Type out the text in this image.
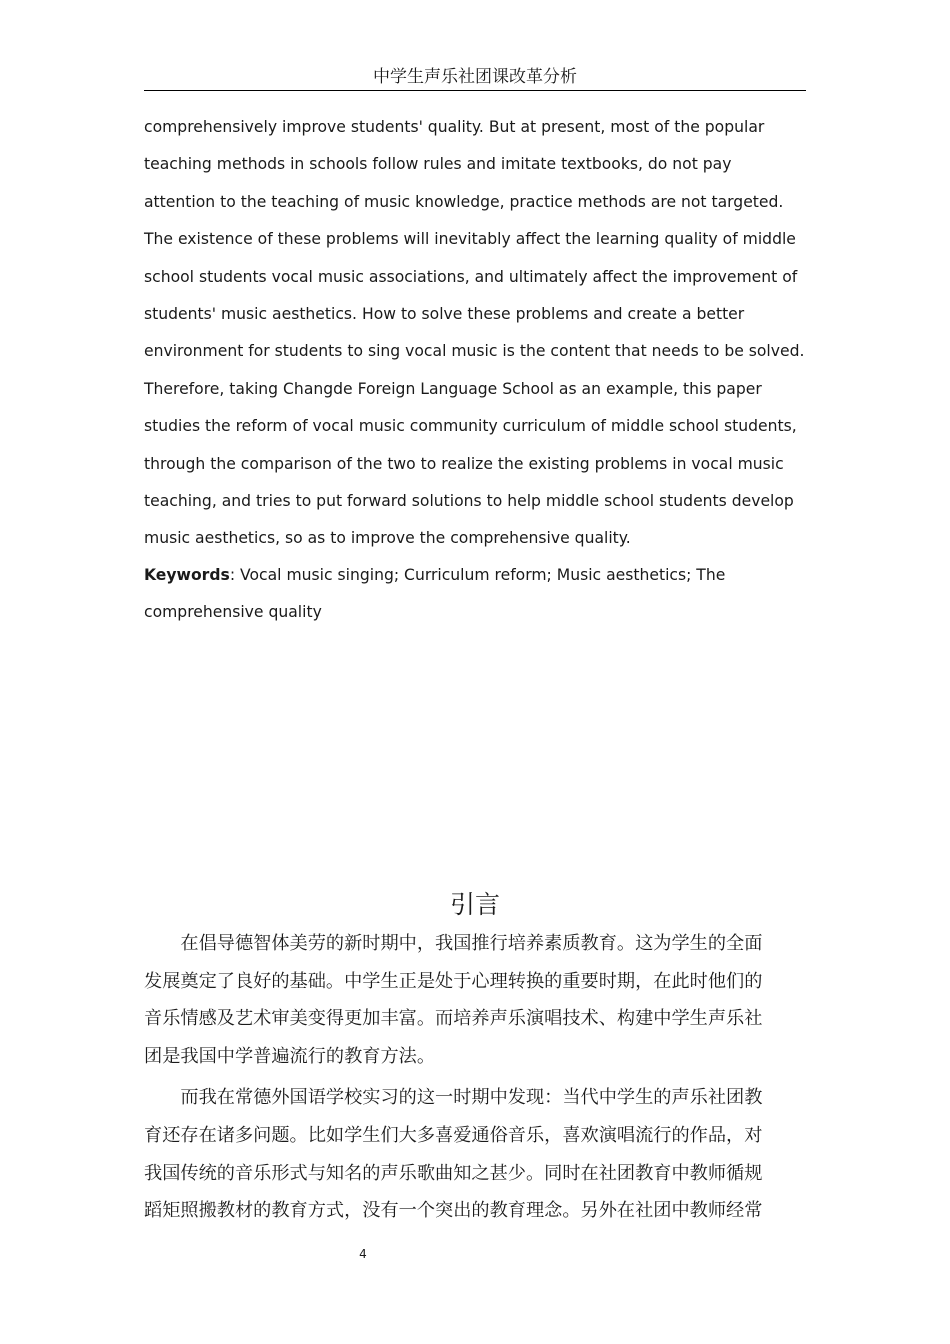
中学生声乐社团课改革分析

comprehensively improve students' quality. But at present, most of the popular

teaching methods in schools follow rules and imitate textbooks, do not pay

attention to the teaching of music knowledge, practice methods are not targeted.

The existence of these problems will inevitably affect the learning quality of middle

school students vocal music associations, and ultimately affect the improvement of

students' music aesthetics. How to solve these problems and create a better

environment for students to sing vocal music is the content that needs to be solved.

Therefore, taking Changde Foreign Language School as an example, this paper

studies the reform of vocal music community curriculum of middle school students,

through the comparison of the two to realize the existing problems in vocal music

teaching, and tries to put forward solutions to help middle school students develop

music aesthetics, so as to improve the comprehensive quality.

Keywords: Vocal music singing; Curriculum reform; Music aesthetics; The

comprehensive quality

引言

　　在倡导德智体美劳的新时期中，我国推行培养素质教育。这为学生的全面

发展奠定了良好的基础。中学生正是处于心理转换的重要时期，在此时他们的

音乐情感及艺术审美变得更加丰富。而培养声乐演唱技术、构建中学生声乐社

团是我国中学普遍流行的教育方法。

　　而我在常德外国语学校实习的这一时期中发现：当代中学生的声乐社团教

育还存在诸多问题。比如学生们大多喜爱通俗音乐，喜欢演唱流行的作品，对

我国传统的音乐形式与知名的声乐歌曲知之甚少。同时在社团教育中教师循规

蹈矩照搬教材的教育方式，没有一个突出的教育理念。另外在社团中教师经常

4
